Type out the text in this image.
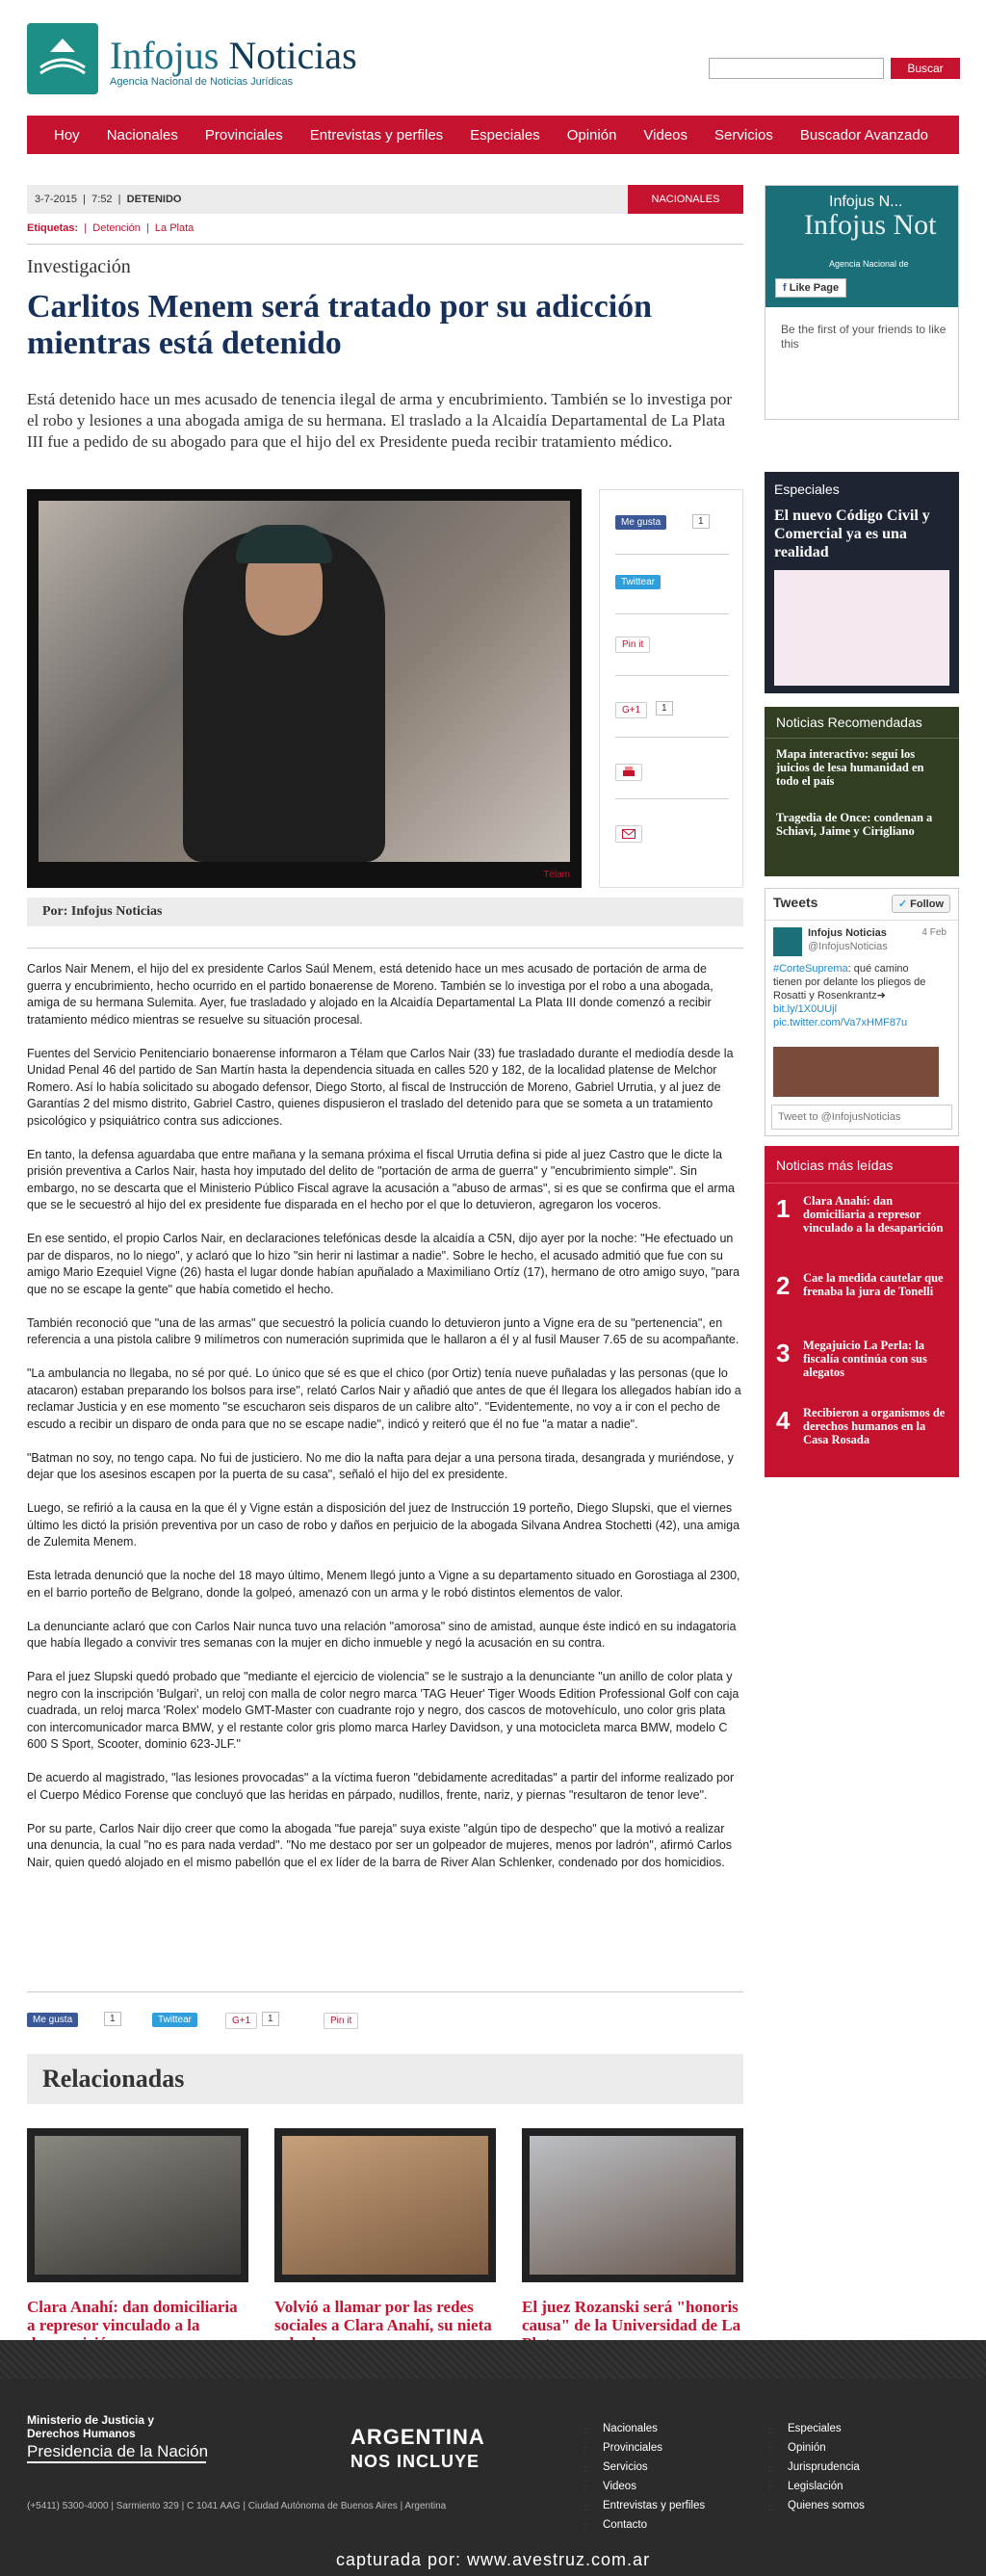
Infojus Noticias
Agencia Nacional de Noticias Jurídicas
Buscar
Hoy	Nacionales	Provinciales	Entrevistas y perfiles	Especiales	Opinión	Videos	Servicios	Buscador Avanzado
3-7-2015  |  7:52  |  DETENIDO	NACIONALES
Etiquetas:  |  Detención  |  La Plata
Investigación
Carlitos Menem será tratado por su adicción mientras está detenido

Está detenido hace un mes acusado de tenencia ilegal de arma y encubrimiento. También se lo investiga por el robo y lesiones a una abogada amiga de su hermana. El traslado a la Alcaidía Departamental de La Plata III fue a pedido de su abogado para que el hijo del ex Presidente pueda recibir tratamiento médico.

Télam
Me gusta	1
Twittear
Pin it
G+1	1
Por: Infojus Noticias

Carlos Nair Menem, el hijo del ex presidente Carlos Saúl Menem, está detenido hace un mes acusado de portación de arma de guerra y encubrimiento, hecho ocurrido en el partido bonaerense de Moreno. También se lo investiga por el robo a una abogada, amiga de su hermana Sulemita. Ayer, fue trasladado y alojado en la Alcaidía Departamental La Plata III donde comenzó a recibir tratamiento médico mientras se resuelve su situación procesal.

Fuentes del Servicio Penitenciario bonaerense informaron a Télam que Carlos Nair (33) fue trasladado durante el mediodía desde la Unidad Penal 46 del partido de San Martín hasta la dependencia situada en calles 520 y 182, de la localidad platense de Melchor Romero. Así lo había solicitado su abogado defensor, Diego Storto, al fiscal de Instrucción de Moreno, Gabriel Urrutia, y al juez de Garantías 2 del mismo distrito, Gabriel Castro, quienes dispusieron el traslado del detenido para que se someta a un tratamiento psicológico y psiquiátrico contra sus adicciones.

En tanto, la defensa aguardaba que entre mañana y la semana próxima el fiscal Urrutia defina si pide al juez Castro que le dicte la prisión preventiva a Carlos Nair, hasta hoy imputado del delito de "portación de arma de guerra" y "encubrimiento simple". Sin embargo, no se descarta que el Ministerio Público Fiscal agrave la acusación a "abuso de armas", si es que se confirma que el arma que se le secuestró al hijo del ex presidente fue disparada en el hecho por el que lo detuvieron, agregaron los voceros.

En ese sentido, el propio Carlos Nair, en declaraciones telefónicas desde la alcaidía a C5N, dijo ayer por la noche: "He efectuado un par de disparos, no lo niego", y aclaró que lo hizo "sin herir ni lastimar a nadie". Sobre le hecho, el acusado admitió que fue con su amigo Mario Ezequiel Vigne (26) hasta el lugar donde habían apuñalado a Maximiliano Ortíz (17), hermano de otro amigo suyo, "para que no se escape la gente" que había cometido el hecho.

También reconoció que "una de las armas" que secuestró la policía cuando lo detuvieron junto a Vigne era de su "pertenencia", en referencia a una pistola calibre 9 milímetros con numeración suprimida que le hallaron a él y al fusil Mauser 7.65 de su acompañante.

"La ambulancia no llegaba, no sé por qué. Lo único que sé es que el chico (por Ortiz) tenía nueve puñaladas y las personas (que lo atacaron) estaban preparando los bolsos para irse", relató Carlos Nair y añadió que antes de que él llegara los allegados habían ido a reclamar Justicia y en ese momento "se escucharon seis disparos de un calibre alto". "Evidentemente, no voy a ir con el pecho de escudo a recibir un disparo de onda para que no se escape nadie", indicó y reiteró que él no fue "a matar a nadie".

"Batman no soy, no tengo capa. No fui de justiciero. No me dio la nafta para dejar a una persona tirada, desangrada y muriéndose, y dejar que los asesinos escapen por la puerta de su casa", señaló el hijo del ex presidente.

Luego, se refirió a la causa en la que él y Vigne están a disposición del juez de Instrucción 19 porteño, Diego Slupski, que el viernes último les dictó la prisión preventiva por un caso de robo y daños en perjuicio de la abogada Silvana Andrea Stochetti (42), una amiga de Zulemita Menem.

Esta letrada denunció que la noche del 18 mayo último, Menem llegó junto a Vigne a su departamento situado en Gorostiaga al 2300, en el barrio porteño de Belgrano, donde la golpeó, amenazó con un arma y le robó distintos elementos de valor.

La denunciante aclaró que con Carlos Nair nunca tuvo una relación "amorosa" sino de amistad, aunque éste indicó en su indagatoria que había llegado a convivir tres semanas con la mujer en dicho inmueble y negó la acusación en su contra.

Para el juez Slupski quedó probado que "mediante el ejercicio de violencia" se le sustrajo a la denunciante "un anillo de color plata y negro con la inscripción 'Bulgari', un reloj con malla de color negro marca 'TAG Heuer' Tiger Woods Edition Professional Golf con caja cuadrada, un reloj marca 'Rolex' modelo GMT-Master con cuadrante rojo y negro, dos cascos de motovehículo, uno color gris plata con intercomunicador marca BMW, y el restante color gris plomo marca Harley Davidson, y una motocicleta marca BMW, modelo C 600 S Sport, Scooter, dominio 623-JLF."

De acuerdo al magistrado, "las lesiones provocadas" a la víctima fueron "debidamente acreditadas" a partir del informe realizado por el Cuerpo Médico Forense que concluyó que las heridas en párpado, nudillos, frente, nariz, y piernas "resultaron de tenor leve".

Por su parte, Carlos Nair dijo creer que como la abogada "fue pareja" suya existe "algún tipo de despecho" que la motivó a realizar una denuncia, la cual "no es para nada verdad". "No me destaco por ser un golpeador de mujeres, menos por ladrón", afirmó Carlos Nair, quien quedó alojado en el mismo pabellón que el ex líder de la barra de River Alan Schlenker, condenado por dos homicidios.

Me gusta	1	Twittear	G+1	1	Pin it
Relacionadas
Clara Anahí: dan domiciliaria a represor vinculado a la
Volvió a llamar por las redes sociales a Clara Anahí, su nieta
El juez Rozanski será "honoris causa" de la Universidad de La
Infojus N...
Infojus Not
Agencia Nacional de
f Like Page
Be the first of your friends to like this
Especiales
El nuevo Código Civil y Comercial ya es una realidad
Noticias Recomendadas
Mapa interactivo: seguí los juicios de lesa humanidad en todo el país
Tragedia de Once: condenan a Schiavi, Jaime y Cirigliano
Tweets	✓ Follow
Infojus Noticias
@InfojusNoticias
4 Feb
#CorteSuprema: qué camino tienen por delante los pliegos de Rosatti y Rosenkrantz➜ bit.ly/1X0UUjl pic.twitter.com/Va7xHMF87u
Tweet to @InfojusNoticias
Noticias más leídas
1 Clara Anahí: dan domiciliaria a represor vinculado a la desaparición
2 Cae la medida cautelar que frenaba la jura de Tonelli
3 Megajuicio La Perla: la fiscalía continúa con sus alegatos
4 Recibieron a organismos de derechos humanos en la Casa Rosada
Ministerio de Justicia y Derechos Humanos
Presidencia de la Nación
(+5411) 5300-4000 | Sarmiento 329 | C 1041 AAG | Ciudad Autónoma de Buenos Aires | Argentina
ARGENTINA
NOS INCLUYE
:: Nacionales
:: Provinciales
:: Servicios
:: Videos
:: Entrevistas y perfiles
:: Contacto
:: Especiales
:: Opinión
:: Jurisprudencia
:: Legislación
:: Quienes somos
capturada por: www.avestruz.com.ar
